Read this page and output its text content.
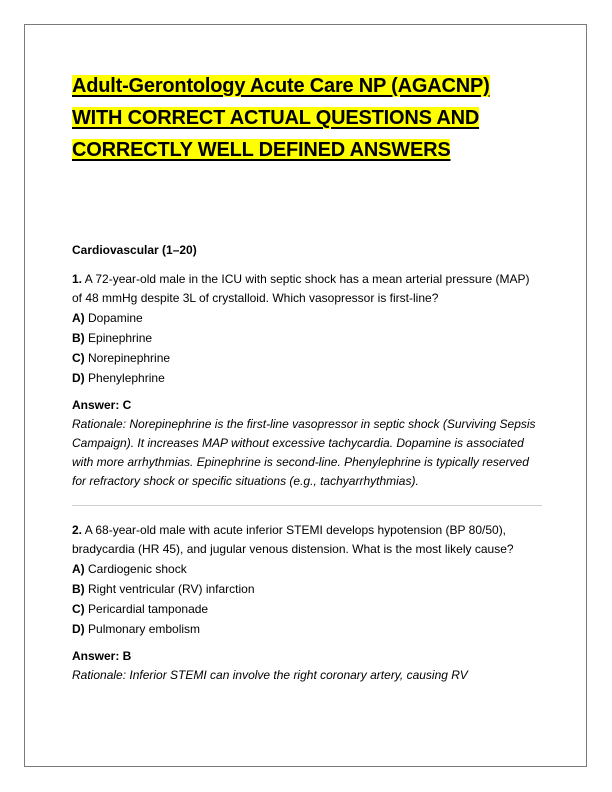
Adult-Gerontology Acute Care NP (AGACNP) WITH CORRECT ACTUAL QUESTIONS AND CORRECTLY WELL DEFINED ANSWERS
Cardiovascular (1–20)

1. A 72-year-old male in the ICU with septic shock has a mean arterial pressure (MAP) of 48 mmHg despite 3L of crystalloid. Which vasopressor is first-line?

A) Dopamine
B) Epinephrine
C) Norepinephrine
D) Phenylephrine

Answer: C

Rationale: Norepinephrine is the first-line vasopressor in septic shock (Surviving Sepsis Campaign). It increases MAP without excessive tachycardia. Dopamine is associated with more arrhythmias. Epinephrine is second-line. Phenylephrine is typically reserved for refractory shock or specific situations (e.g., tachyarrhythmias).

2. A 68-year-old male with acute inferior STEMI develops hypotension (BP 80/50), bradycardia (HR 45), and jugular venous distension. What is the most likely cause?

A) Cardiogenic shock
B) Right ventricular (RV) infarction
C) Pericardial tamponade
D) Pulmonary embolism

Answer: B

Rationale: Inferior STEMI can involve the right coronary artery, causing RV
